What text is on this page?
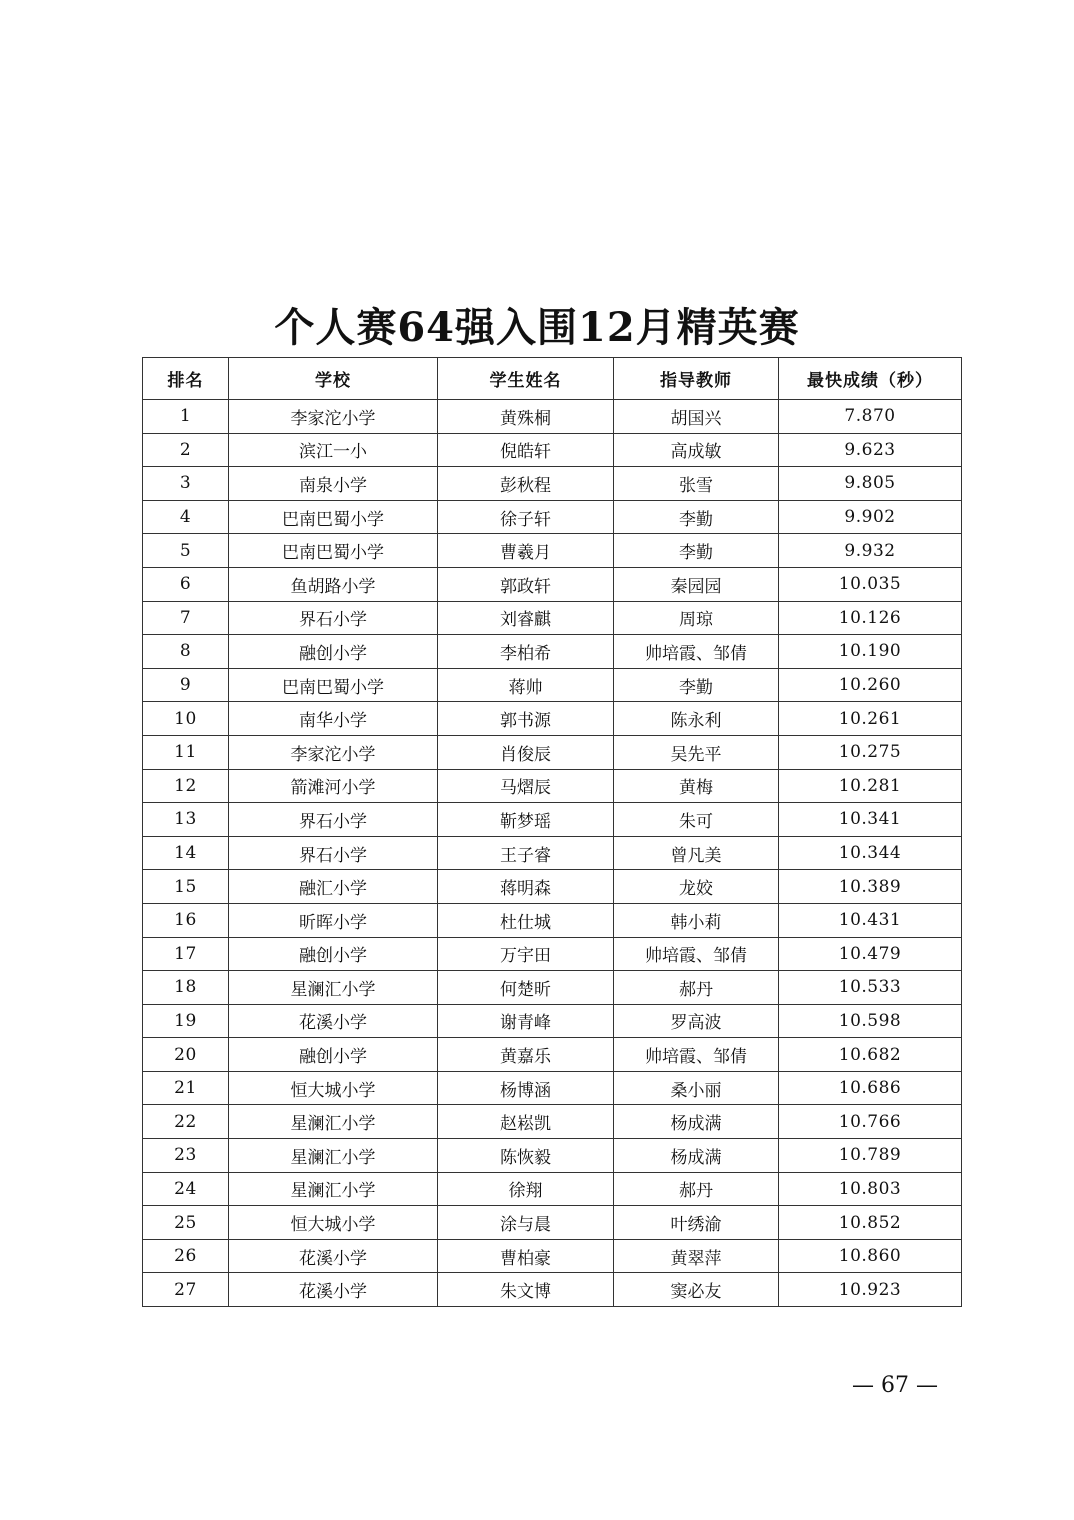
个人赛64强入围12月精英赛
排名	学校	学生姓名	指导教师	最快成绩（秒）
1	李家沱小学	黄殊桐	胡国兴	7.870
2	滨江一小	倪皓轩	高成敏	9.623
3	南泉小学	彭秋程	张雪	9.805
4	巴南巴蜀小学	徐子轩	李勤	9.902
5	巴南巴蜀小学	曹羲月	李勤	9.932
6	鱼胡路小学	郭政轩	秦园园	10.035
7	界石小学	刘睿麒	周琼	10.126
8	融创小学	李柏希	帅培霞、邹倩	10.190
9	巴南巴蜀小学	蒋帅	李勤	10.260
10	南华小学	郭书源	陈永利	10.261
11	李家沱小学	肖俊辰	吴先平	10.275
12	箭滩河小学	马熠辰	黄梅	10.281
13	界石小学	靳梦瑶	朱可	10.341
14	界石小学	王子睿	曾凡美	10.344
15	融汇小学	蒋明森	龙姣	10.389
16	昕晖小学	杜仕城	韩小莉	10.431
17	融创小学	万宇田	帅培霞、邹倩	10.479
18	星澜汇小学	何楚昕	郝丹	10.533
19	花溪小学	谢青峰	罗高波	10.598
20	融创小学	黄嘉乐	帅培霞、邹倩	10.682
21	恒大城小学	杨博涵	桑小丽	10.686
22	星澜汇小学	赵崧凯	杨成满	10.766
23	星澜汇小学	陈恢毅	杨成满	10.789
24	星澜汇小学	徐翔	郝丹	10.803
25	恒大城小学	涂与晨	叶绣渝	10.852
26	花溪小学	曹柏豪	黄翠萍	10.860
27	花溪小学	朱文博	窦必友	10.923
— 67 —
